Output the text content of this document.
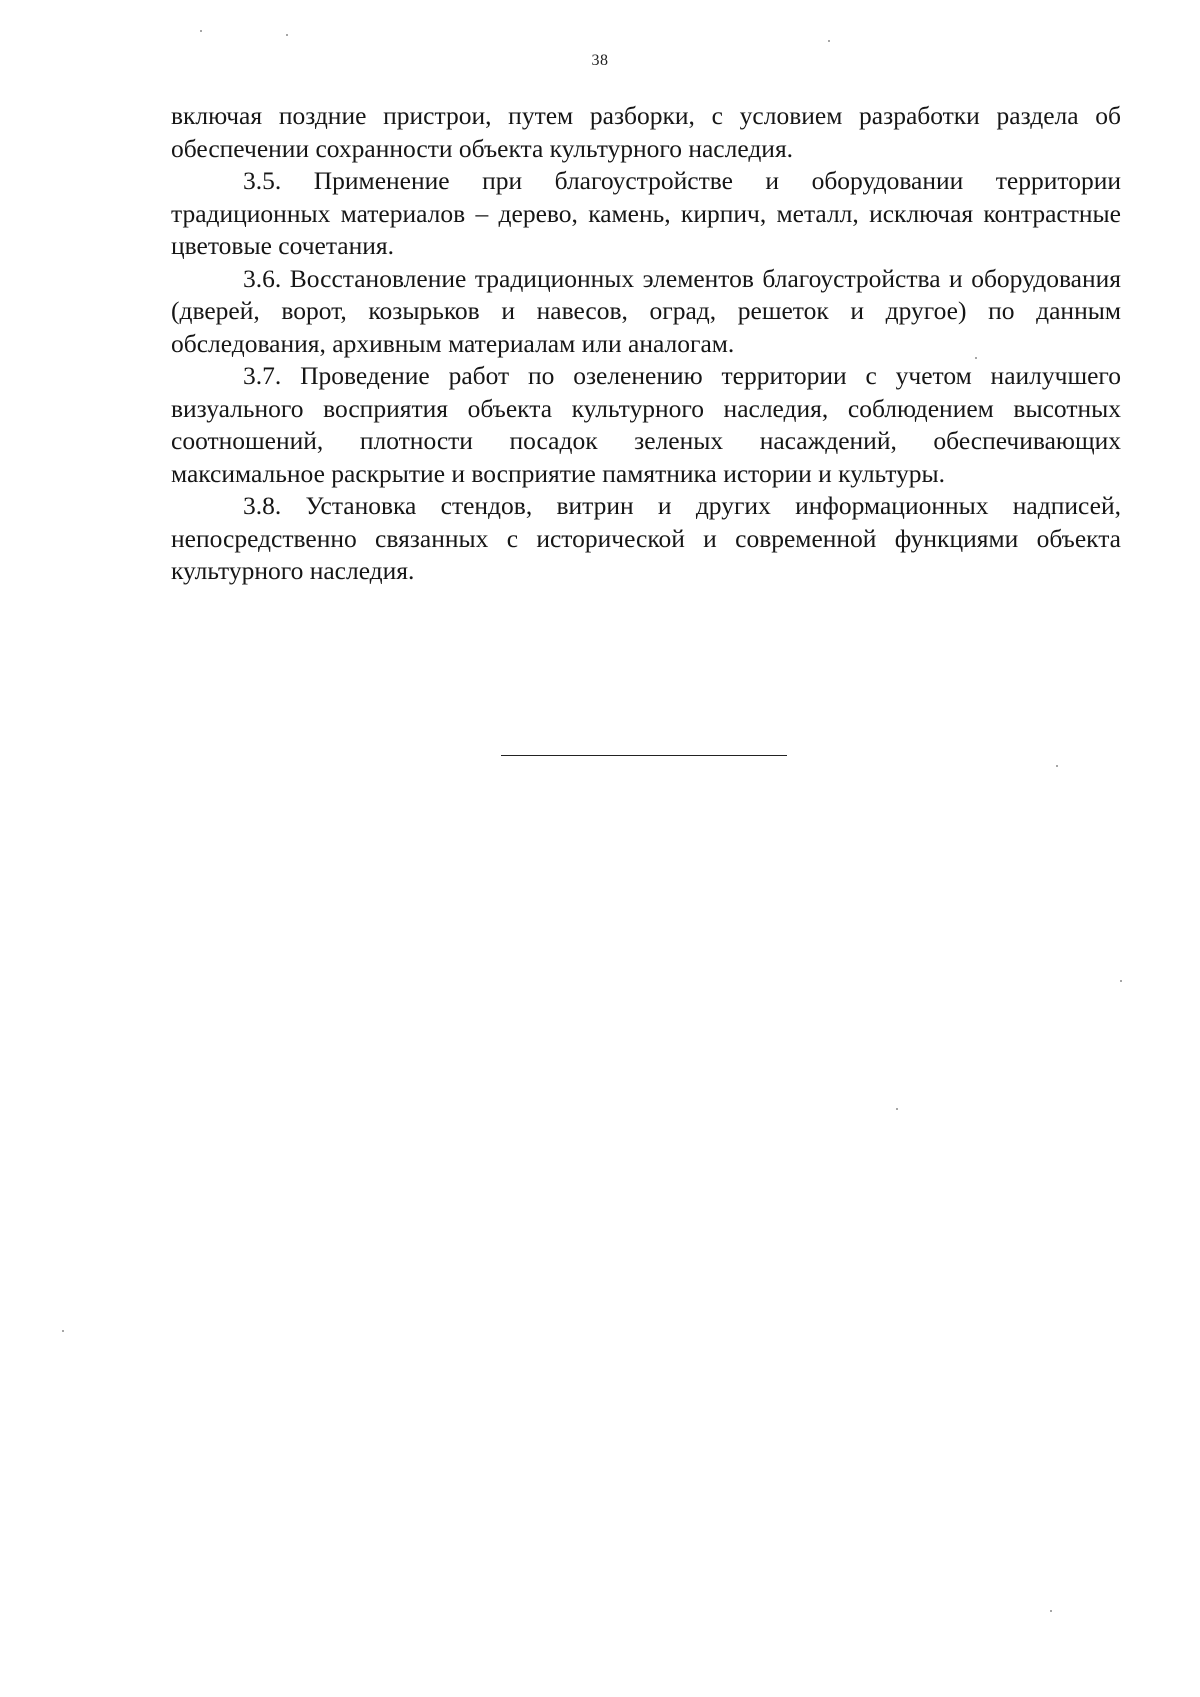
38

включая поздние пристрои, путем разборки, с условием разработки раздела об обеспечении сохранности объекта культурного наследия.

3.5. Применение при благоустройстве и оборудовании территории традиционных материалов – дерево, камень, кирпич, металл, исключая контрастные цветовые сочетания.

3.6. Восстановление традиционных элементов благоустройства и оборудования (дверей, ворот, козырьков и навесов, оград, решеток и другое) по данным обследования, архивным материалам или аналогам.

3.7. Проведение работ по озеленению территории с учетом наилучшего визуального восприятия объекта культурного наследия, соблюдением высотных соотношений, плотности посадок зеленых насаждений, обеспечивающих максимальное раскрытие и восприятие памятника истории и культуры.

3.8. Установка стендов, витрин и других информационных надписей, непосредственно связанных с исторической и современной функциями объекта культурного наследия.
